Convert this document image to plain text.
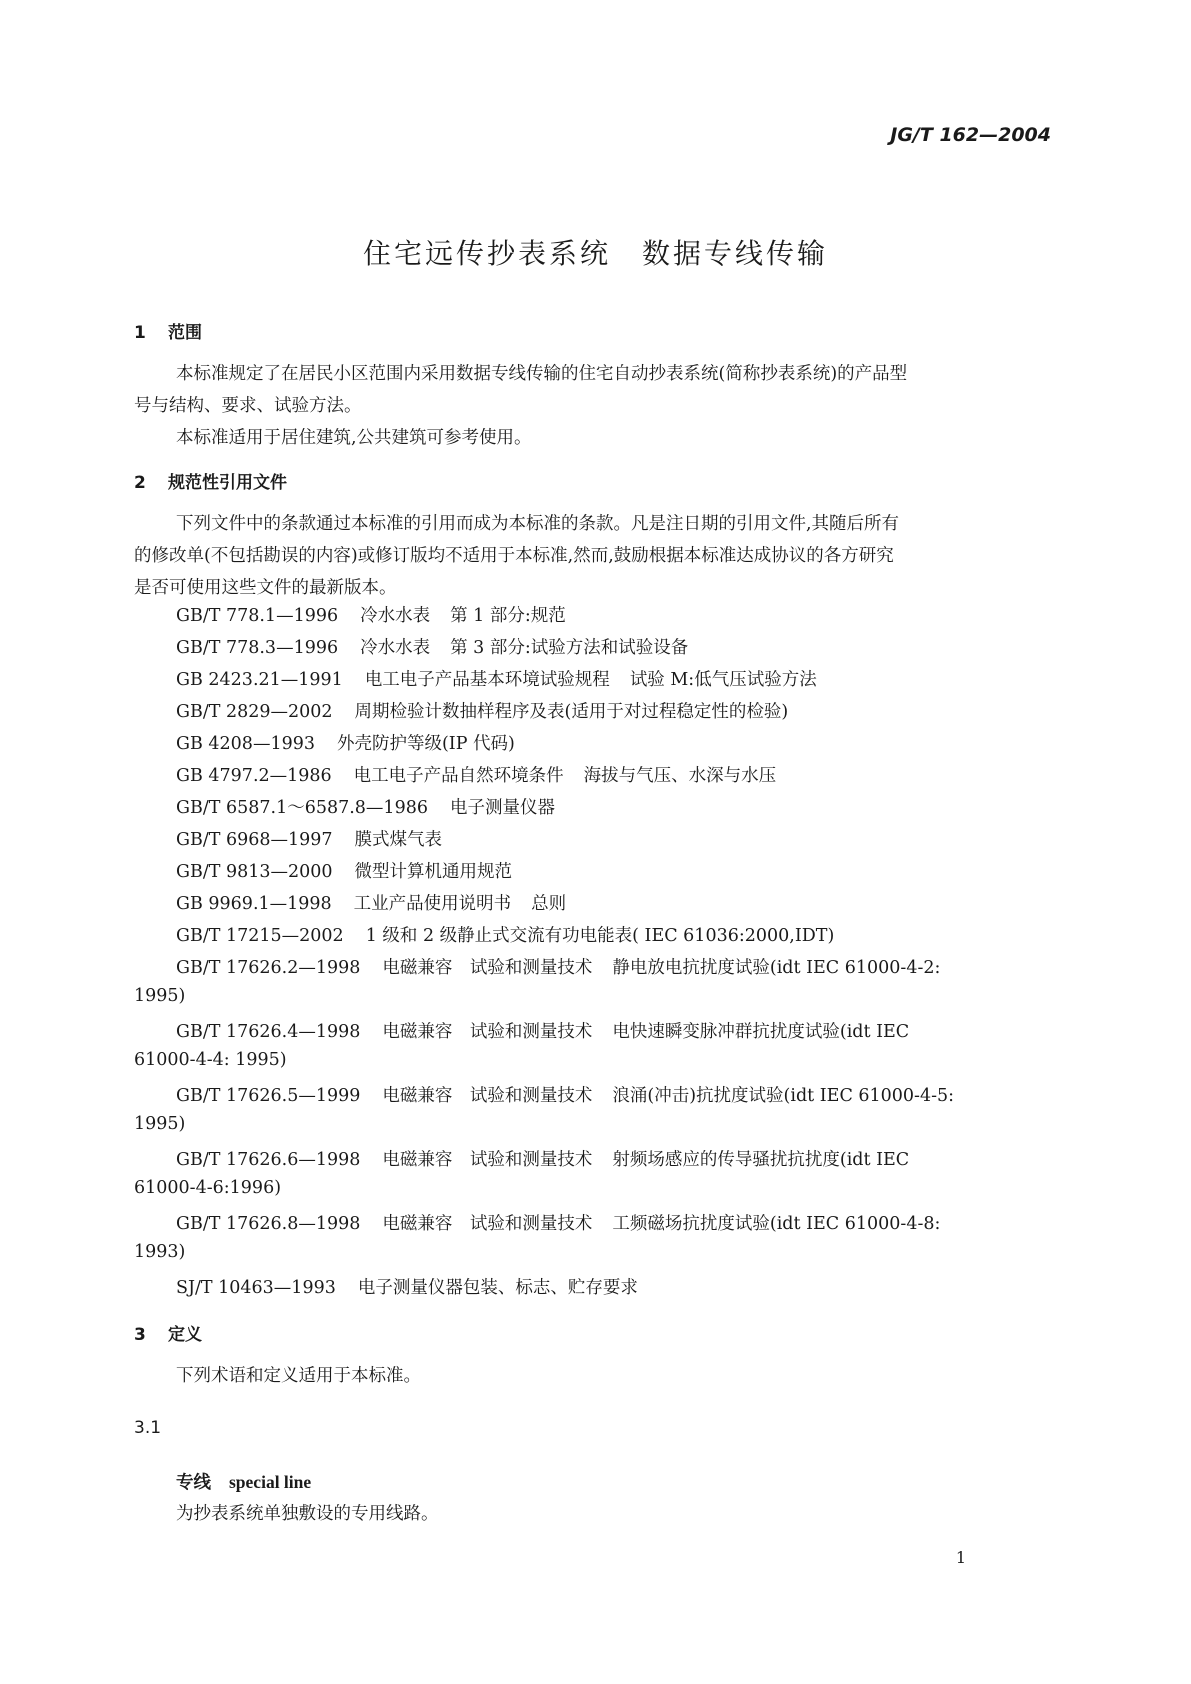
JG/T 162—2004
住宅远传抄表系统　数据专线传输
1 范围
本标准规定了在居民小区范围内采用数据专线传输的住宅自动抄表系统(简称抄表系统)的产品型
号与结构、要求、试验方法。
本标准适用于居住建筑,公共建筑可参考使用。
2 规范性引用文件
下列文件中的条款通过本标准的引用而成为本标准的条款。凡是注日期的引用文件,其随后所有
的修改单(不包括勘误的内容)或修订版均不适用于本标准,然而,鼓励根据本标准达成协议的各方研究
是否可使用这些文件的最新版本。
GB/T 778.1—1996 冷水水表 第 1 部分:规范
GB/T 778.3—1996 冷水水表 第 3 部分:试验方法和试验设备
GB 2423.21—1991 电工电子产品基本环境试验规程 试验 M:低气压试验方法
GB/T 2829—2002 周期检验计数抽样程序及表(适用于对过程稳定性的检验)
GB 4208—1993 外壳防护等级(IP 代码)
GB 4797.2—1986 电工电子产品自然环境条件 海拔与气压、水深与水压
GB/T 6587.1～6587.8—1986 电子测量仪器
GB/T 6968—1997 膜式煤气表
GB/T 9813—2000 微型计算机通用规范
GB 9969.1—1998 工业产品使用说明书 总则
GB/T 17215—2002 1 级和 2 级静止式交流有功电能表( IEC 61036:2000,IDT)
GB/T 17626.2—1998 电磁兼容　试验和测量技术 静电放电抗扰度试验(idt IEC 61000-4-2:
1995)
GB/T 17626.4—1998 电磁兼容　试验和测量技术 电快速瞬变脉冲群抗扰度试验(idt IEC
61000-4-4: 1995)
GB/T 17626.5—1999 电磁兼容　试验和测量技术 浪涌(冲击)抗扰度试验(idt IEC 61000-4-5:
1995)
GB/T 17626.6—1998 电磁兼容　试验和测量技术 射频场感应的传导骚扰抗扰度(idt IEC
61000-4-6:1996)
GB/T 17626.8—1998 电磁兼容　试验和测量技术 工频磁场抗扰度试验(idt IEC 61000-4-8:
1993)
SJ/T 10463—1993 电子测量仪器包装、标志、贮存要求
3 定义
下列术语和定义适用于本标准。
3.1
专线 special line
为抄表系统单独敷设的专用线路。
1
